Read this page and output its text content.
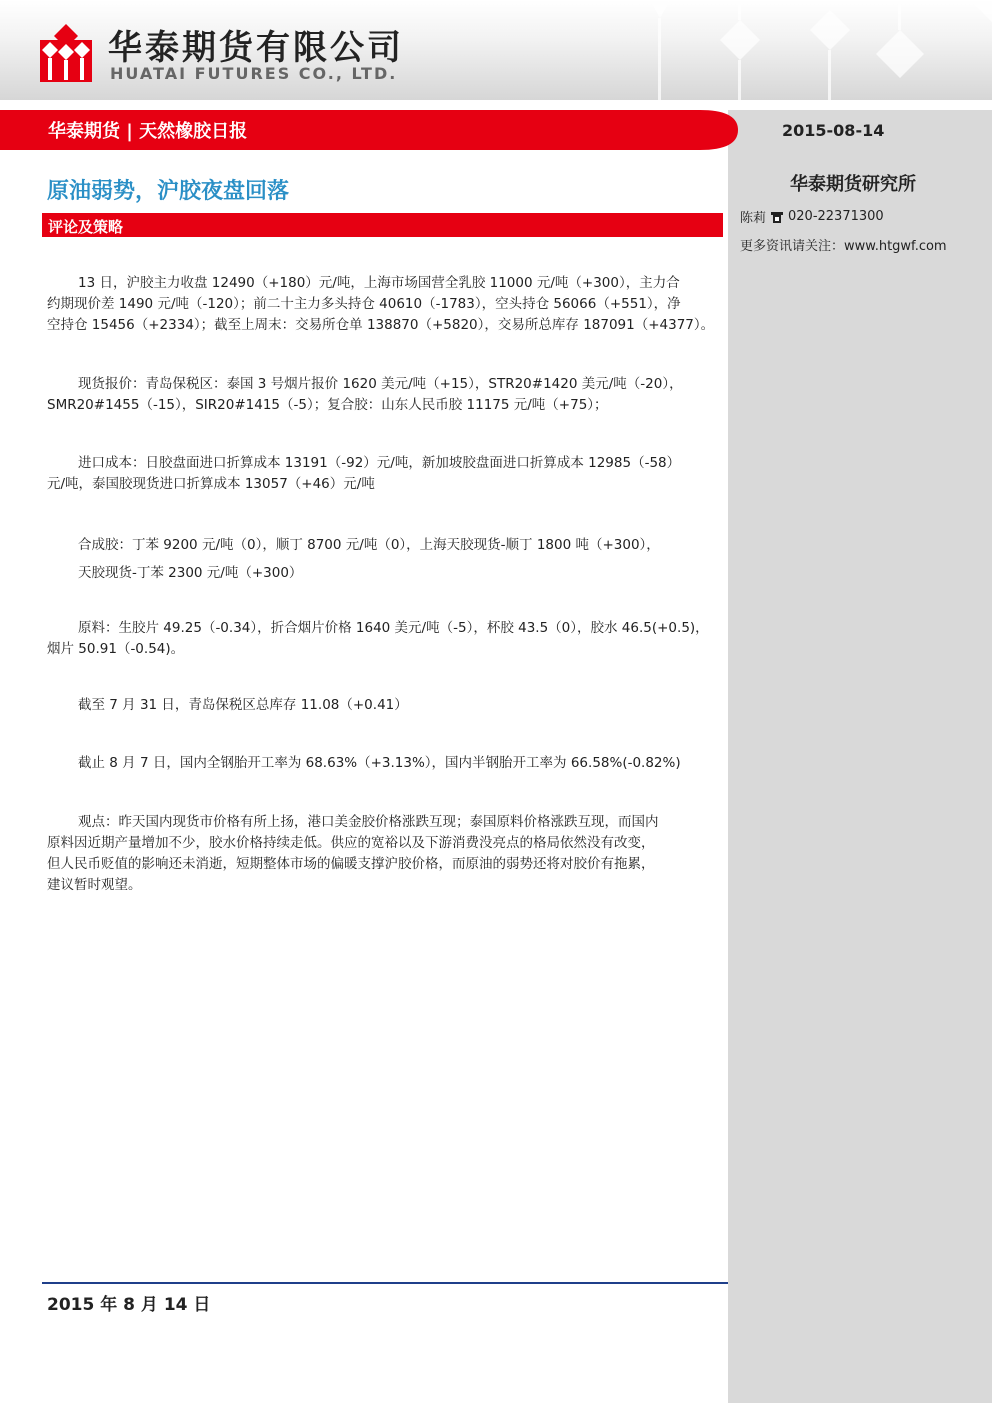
华泰期货有限公司
HUATAI FUTURES CO., LTD.
华泰期货 | 天然橡胶日报	2015-08-14
原油弱势，沪胶夜盘回落
评论及策略
华泰期货研究所
陈莉 020-22371300
更多资讯请关注：www.htgwf.com
13 日，沪胶主力收盘 12490（+180）元/吨，上海市场国营全乳胶 11000 元/吨（+300），主力合
约期现价差 1490 元/吨（-120）；前二十主力多头持仓 40610（-1783），空头持仓 56066（+551），净
空持仓 15456（+2334）；截至上周末：交易所仓单 138870（+5820），交易所总库存 187091（+4377）。
现货报价：青岛保税区：泰国 3 号烟片报价 1620 美元/吨（+15），STR20#1420 美元/吨（-20），
SMR20#1455（-15），SIR20#1415（-5）；复合胶：山东人民币胶 11175 元/吨（+75）；
进口成本：日胶盘面进口折算成本 13191（-92）元/吨，新加坡胶盘面进口折算成本 12985（-58）
元/吨，泰国胶现货进口折算成本 13057（+46）元/吨
合成胶：丁苯 9200 元/吨（0），顺丁 8700 元/吨（0），上海天胶现货-顺丁 1800 吨（+300），
天胶现货-丁苯 2300 元/吨（+300）
原料：生胶片 49.25（-0.34），折合烟片价格 1640 美元/吨（-5），杯胶 43.5（0），胶水 46.5(+0.5)，
烟片 50.91（-0.54)。
截至 7 月 31 日，青岛保税区总库存 11.08（+0.41）
截止 8 月 7 日，国内全钢胎开工率为 68.63%（+3.13%），国内半钢胎开工率为 66.58%(-0.82%)
观点：昨天国内现货市价格有所上扬，港口美金胶价格涨跌互现；泰国原料价格涨跌互现，而国内
原料因近期产量增加不少，胶水价格持续走低。供应的宽裕以及下游消费没亮点的格局依然没有改变，
但人民币贬值的影响还未消逝，短期整体市场的偏暖支撑沪胶价格，而原油的弱势还将对胶价有拖累，
建议暂时观望。
2015 年 8 月 14 日
